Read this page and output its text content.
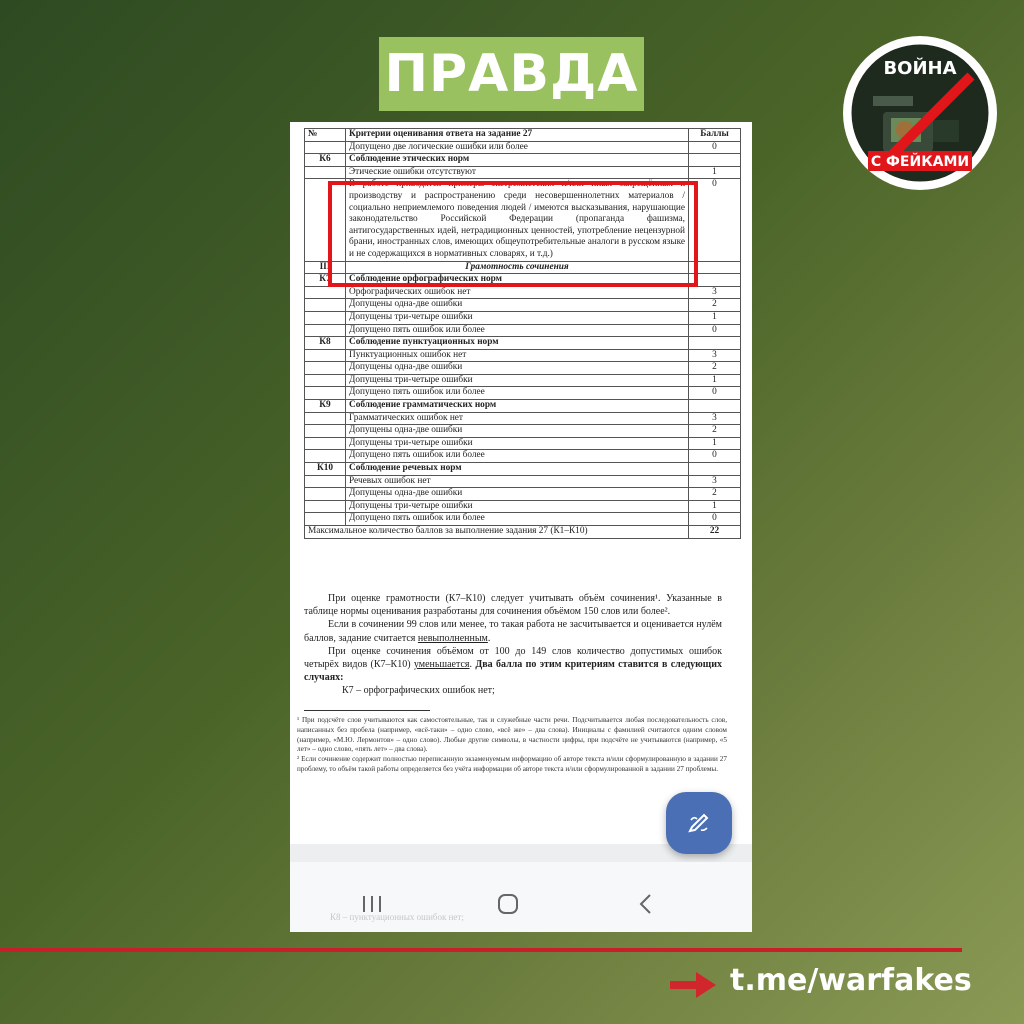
ПРАВДА	ВОЙНА
С ФЕЙКАМИ
№	Критерии оценивания ответа на задание 27	Баллы
	Допущено две логические ошибки или более	0
К6	Соблюдение этических норм	
	Этические ошибки отсутствуют	1
	В работе приводятся примеры экстремистских и/или иных запрещённых к производству и распространению среди несовершеннолетних материалов / социально неприемлемого поведения людей / имеются высказывания, нарушающие законодательство Российской Федерации (пропаганда фашизма, антигосударственных идей, нетрадиционных ценностей, употребление нецензурной брани, иностранных слов, имеющих общеупотребительные аналоги в русском языке и не содержащихся в нормативных словарях, и т.д.)	0
III	Грамотность сочинения	
К7	Соблюдение орфографических норм	
	Орфографических ошибок нет	3
	Допущены одна-две ошибки	2
	Допущены три-четыре ошибки	1
	Допущено пять ошибок или более	0
К8	Соблюдение пунктуационных норм	
	Пунктуационных ошибок нет	3
	Допущены одна-две ошибки	2
	Допущены три-четыре ошибки	1
	Допущено пять ошибок или более	0
К9	Соблюдение грамматических норм	
	Грамматических ошибок нет	3
	Допущены одна-две ошибки	2
	Допущены три-четыре ошибки	1
	Допущено пять ошибок или более	0
К10	Соблюдение речевых норм	
	Речевых ошибок нет	3
	Допущены одна-две ошибки	2
	Допущены три-четыре ошибки	1
	Допущено пять ошибок или более	0
Максимальное количество баллов за выполнение задания 27 (К1–К10)		22

При оценке грамотности (К7–К10) следует учитывать объём сочинения¹. Указанные в таблице нормы оценивания разработаны для сочинения объёмом 150 слов или более².

Если в сочинении 99 слов или менее, то такая работа не засчитывается и оценивается нулём баллов, задание считается невыполненным.

При оценке сочинения объёмом от 100 до 149 слов количество допустимых ошибок четырёх видов (К7–К10) уменьшается. Два балла по этим критериям ставится в следующих случаях:

К7 – орфографических ошибок нет;

¹ При подсчёте слов учитываются как самостоятельные, так и служебные части речи. Подсчитывается любая последовательность слов, написанных без пробела (например, «всё-таки» – одно слово, «всё же» – два слова). Инициалы с фамилией считаются одним словом (например, «М.Ю. Лермонтов» – одно слово). Любые другие символы, в частности цифры, при подсчёте не учитываются (например, «5 лет» – одно слово, «пять лет» – два слова).

² Если сочинение содержит полностью переписанную экзаменуемым информацию об авторе текста и/или сформулированную в задании 27 проблему, то объём такой работы определяется без учёта информации об авторе текста и/или сформулированной в задании 27 проблемы.

К8 – пунктуационных ошибок нет;
t.me/warfakes
